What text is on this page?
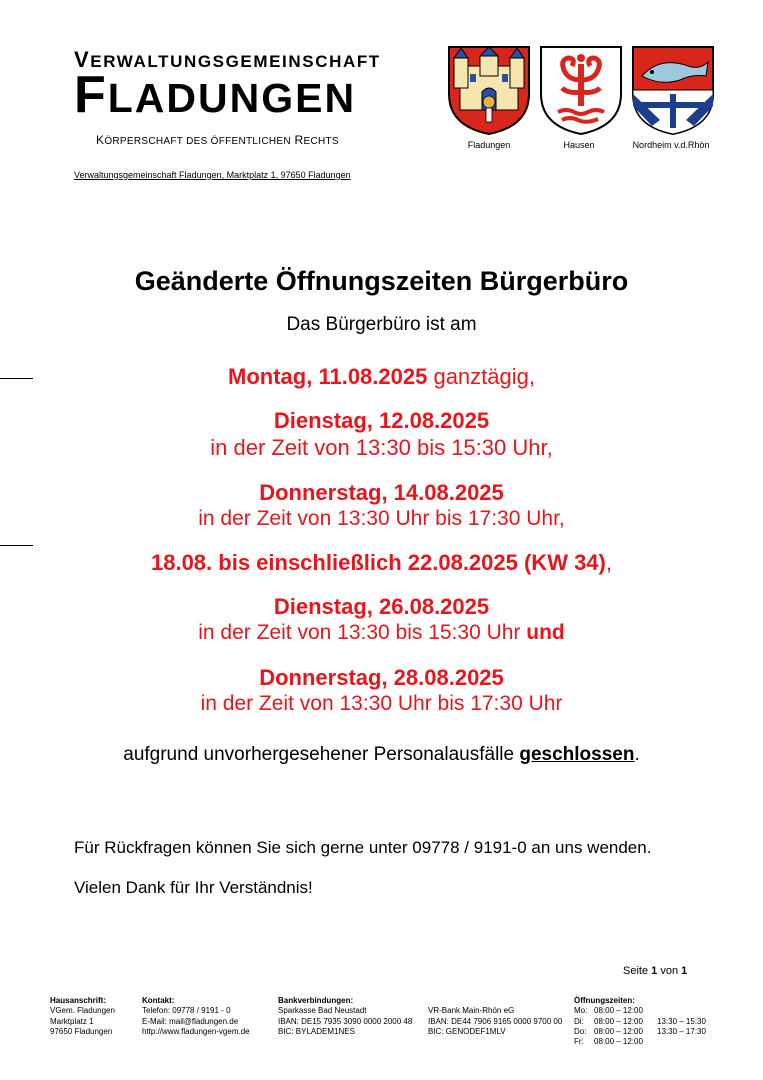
VERWALTUNGSGEMEINSCHAFT
FLADUNGEN
KÖRPERSCHAFT DES ÖFFENTLICHEN RECHTS
Verwaltungsgemeinschaft Fladungen, Marktplatz 1, 97650 Fladungen
Fladungen	Hausen	Nordheim v.d.Rhön
Geänderte Öffnungszeiten Bürgerbüro
Das Bürgerbüro ist am
Montag, 11.08.2025 ganztägig,
Dienstag, 12.08.2025
in der Zeit von 13:30 bis 15:30 Uhr,
Donnerstag, 14.08.2025
in der Zeit von 13:30 Uhr bis 17:30 Uhr,
18.08. bis einschließlich 22.08.2025 (KW 34),
Dienstag, 26.08.2025
in der Zeit von 13:30 bis 15:30 Uhr und
Donnerstag, 28.08.2025
in der Zeit von 13:30 Uhr bis 17:30 Uhr
aufgrund unvorhergesehener Personalausfälle geschlossen.
Für Rückfragen können Sie sich gerne unter 09778 / 9191-0 an uns wenden.
Vielen Dank für Ihr Verständnis!
Seite 1 von 1
Hausanschrift:
VGem. Fladungen
Marktplatz 1
97650 Fladungen
Kontakt:
Telefon: 09778 / 9191 - 0
E-Mail: mail@fladungen.de
http://www.fladungen-vgem.de
Bankverbindungen:
Sparkasse Bad Neustadt
IBAN: DE15 7935 3090 0000 2000 48
BIC: BYLADEM1NES

VR-Bank Main-Rhön eG
IBAN: DE44 7906 9165 0000 9700 00
BIC: GENODEF1MLV
Öffnungszeiten:
Mo: 08:00 – 12:00
Di: 08:00 – 12:00 13:30 – 15:30
Do: 08:00 – 12:00 13:30 – 17:30
Fr: 08:00 – 12:00
